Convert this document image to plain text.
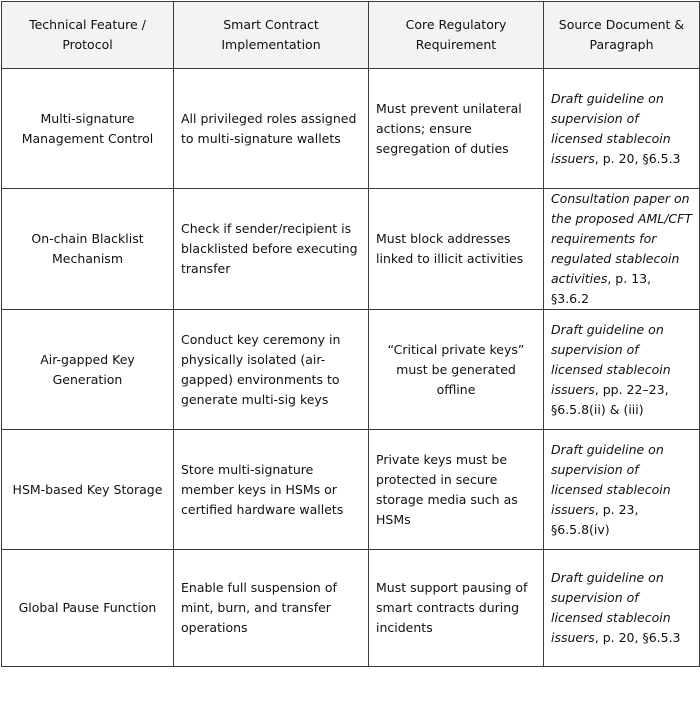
Technical Feature / Protocol	Smart Contract Implementation	Core Regulatory Requirement	Source Document & Paragraph
Multi-signature Management Control	All privileged roles assigned to multi-signature wallets	Must prevent unilateral actions; ensure segregation of duties	Draft guideline on supervision of licensed stablecoin issuers, p. 20, §6.5.3
On-chain Blacklist Mechanism	Check if sender/recipient is blacklisted before executing transfer	Must block addresses linked to illicit activities	Consultation paper on the proposed AML/CFT requirements for regulated stablecoin activities, p. 13, §3.6.2
Air-gapped Key Generation	Conduct key ceremony in physically isolated (air-gapped) environments to generate multi-sig keys	“Critical private keys” must be generated offline	Draft guideline on supervision of licensed stablecoin issuers, pp. 22–23, §6.5.8(ii) & (iii)
HSM-based Key Storage	Store multi-signature member keys in HSMs or certified hardware wallets	Private keys must be protected in secure storage media such as HSMs	Draft guideline on supervision of licensed stablecoin issuers, p. 23, §6.5.8(iv)
Global Pause Function	Enable full suspension of mint, burn, and transfer operations	Must support pausing of smart contracts during incidents	Draft guideline on supervision of licensed stablecoin issuers, p. 20, §6.5.3
